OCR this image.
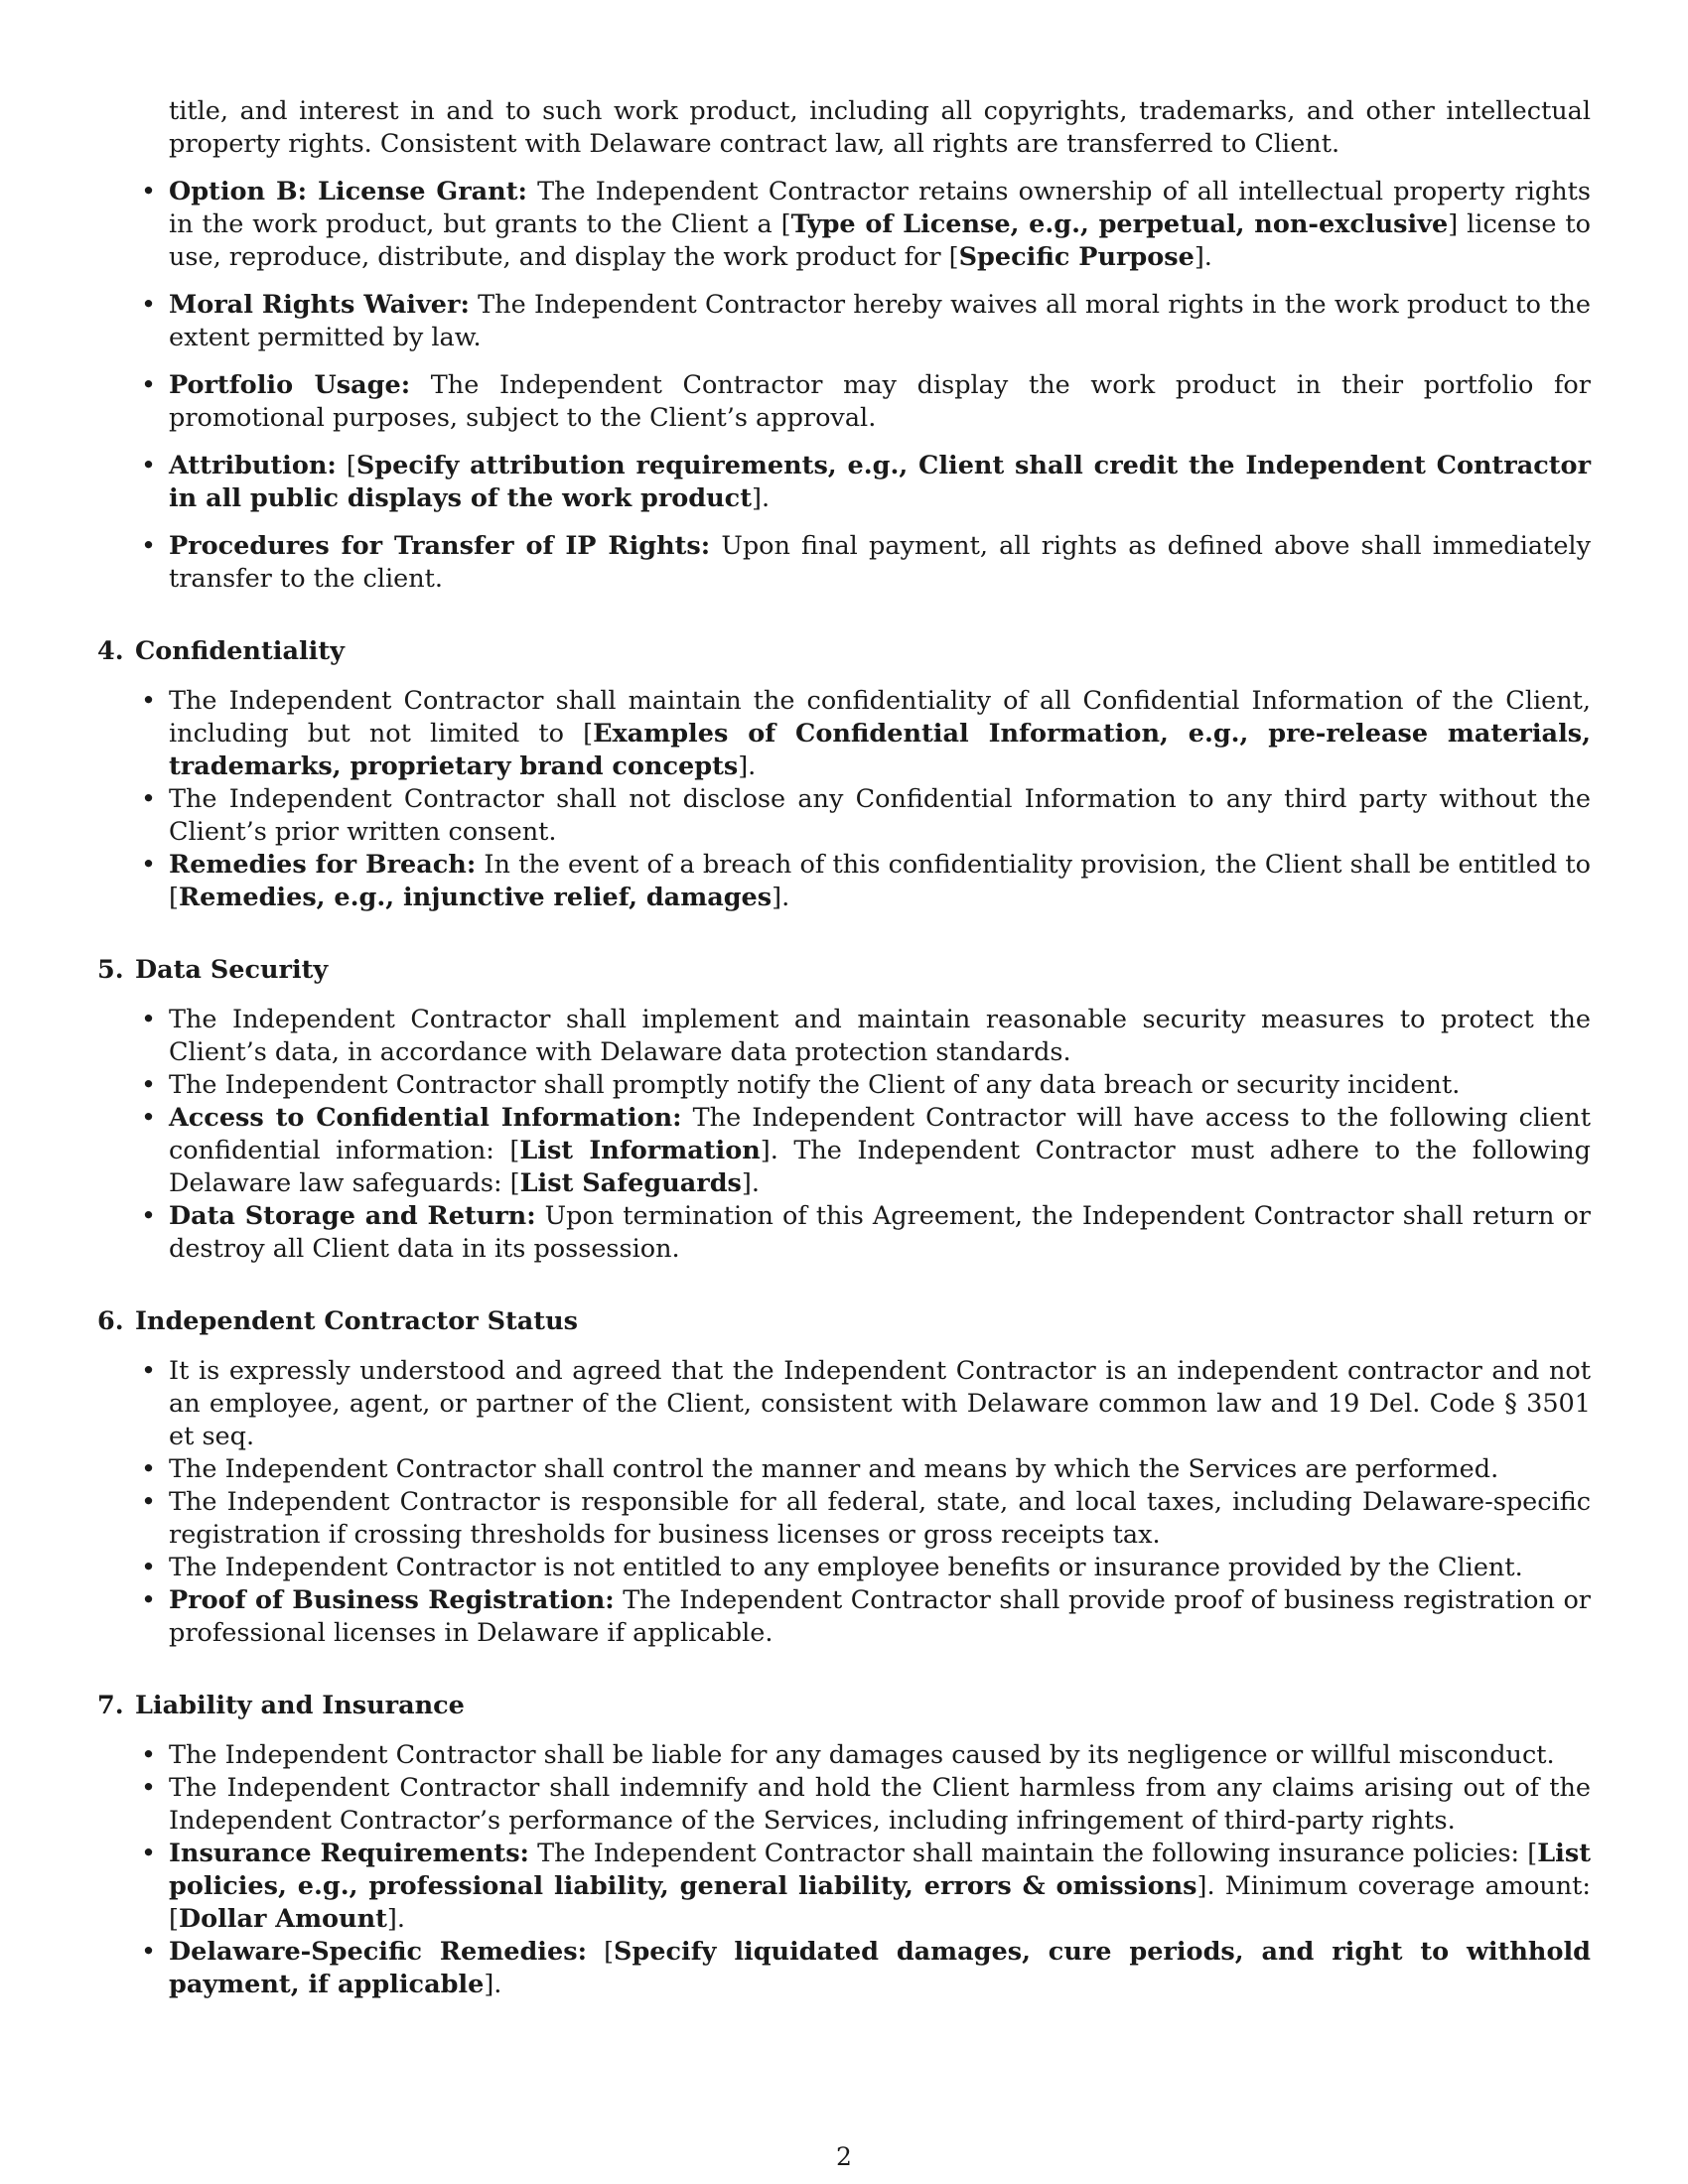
title, and interest in and to such work product, including all copyrights, trademarks, and other intellectual property rights. Consistent with Delaware contract law, all rights are transferred to Client.

• Option B: License Grant: The Independent Contractor retains ownership of all intellectual property rights in the work product, but grants to the Client a [Type of License, e.g., perpetual, non-exclusive] license to use, reproduce, distribute, and display the work product for [Specific Purpose].
• Moral Rights Waiver: The Independent Contractor hereby waives all moral rights in the work product to the extent permitted by law.
• Portfolio Usage: The Independent Contractor may display the work product in their portfolio for promotional purposes, subject to the Client’s approval.
• Attribution: [Specify attribution requirements, e.g., Client shall credit the Independent Contractor in all public displays of the work product].
• Procedures for Transfer of IP Rights: Upon final payment, all rights as defined above shall immediately transfer to the client.
4. Confidentiality
• The Independent Contractor shall maintain the confidentiality of all Confidential Information of the Client, including but not limited to [Examples of Confidential Information, e.g., pre-release materials, trademarks, proprietary brand concepts].
• The Independent Contractor shall not disclose any Confidential Information to any third party without the Client’s prior written consent.
• Remedies for Breach: In the event of a breach of this confidentiality provision, the Client shall be entitled to [Remedies, e.g., injunctive relief, damages].
5. Data Security
• The Independent Contractor shall implement and maintain reasonable security measures to protect the Client’s data, in accordance with Delaware data protection standards.
• The Independent Contractor shall promptly notify the Client of any data breach or security incident.
• Access to Confidential Information: The Independent Contractor will have access to the following client confidential information: [List Information]. The Independent Contractor must adhere to the following Delaware law safeguards: [List Safeguards].
• Data Storage and Return: Upon termination of this Agreement, the Independent Contractor shall return or destroy all Client data in its possession.
6. Independent Contractor Status
• It is expressly understood and agreed that the Independent Contractor is an independent contractor and not an employee, agent, or partner of the Client, consistent with Delaware common law and 19 Del. Code § 3501 et seq.
• The Independent Contractor shall control the manner and means by which the Services are performed.
• The Independent Contractor is responsible for all federal, state, and local taxes, including Delaware-specific registration if crossing thresholds for business licenses or gross receipts tax.
• The Independent Contractor is not entitled to any employee benefits or insurance provided by the Client.
• Proof of Business Registration: The Independent Contractor shall provide proof of business registration or professional licenses in Delaware if applicable.
7. Liability and Insurance
• The Independent Contractor shall be liable for any damages caused by its negligence or willful misconduct.
• The Independent Contractor shall indemnify and hold the Client harmless from any claims arising out of the Independent Contractor’s performance of the Services, including infringement of third-party rights.
• Insurance Requirements: The Independent Contractor shall maintain the following insurance policies: [List policies, e.g., professional liability, general liability, errors & omissions]. Minimum coverage amount: [Dollar Amount].
• Delaware-Specific Remedies: [Specify liquidated damages, cure periods, and right to withhold payment, if applicable].
2
